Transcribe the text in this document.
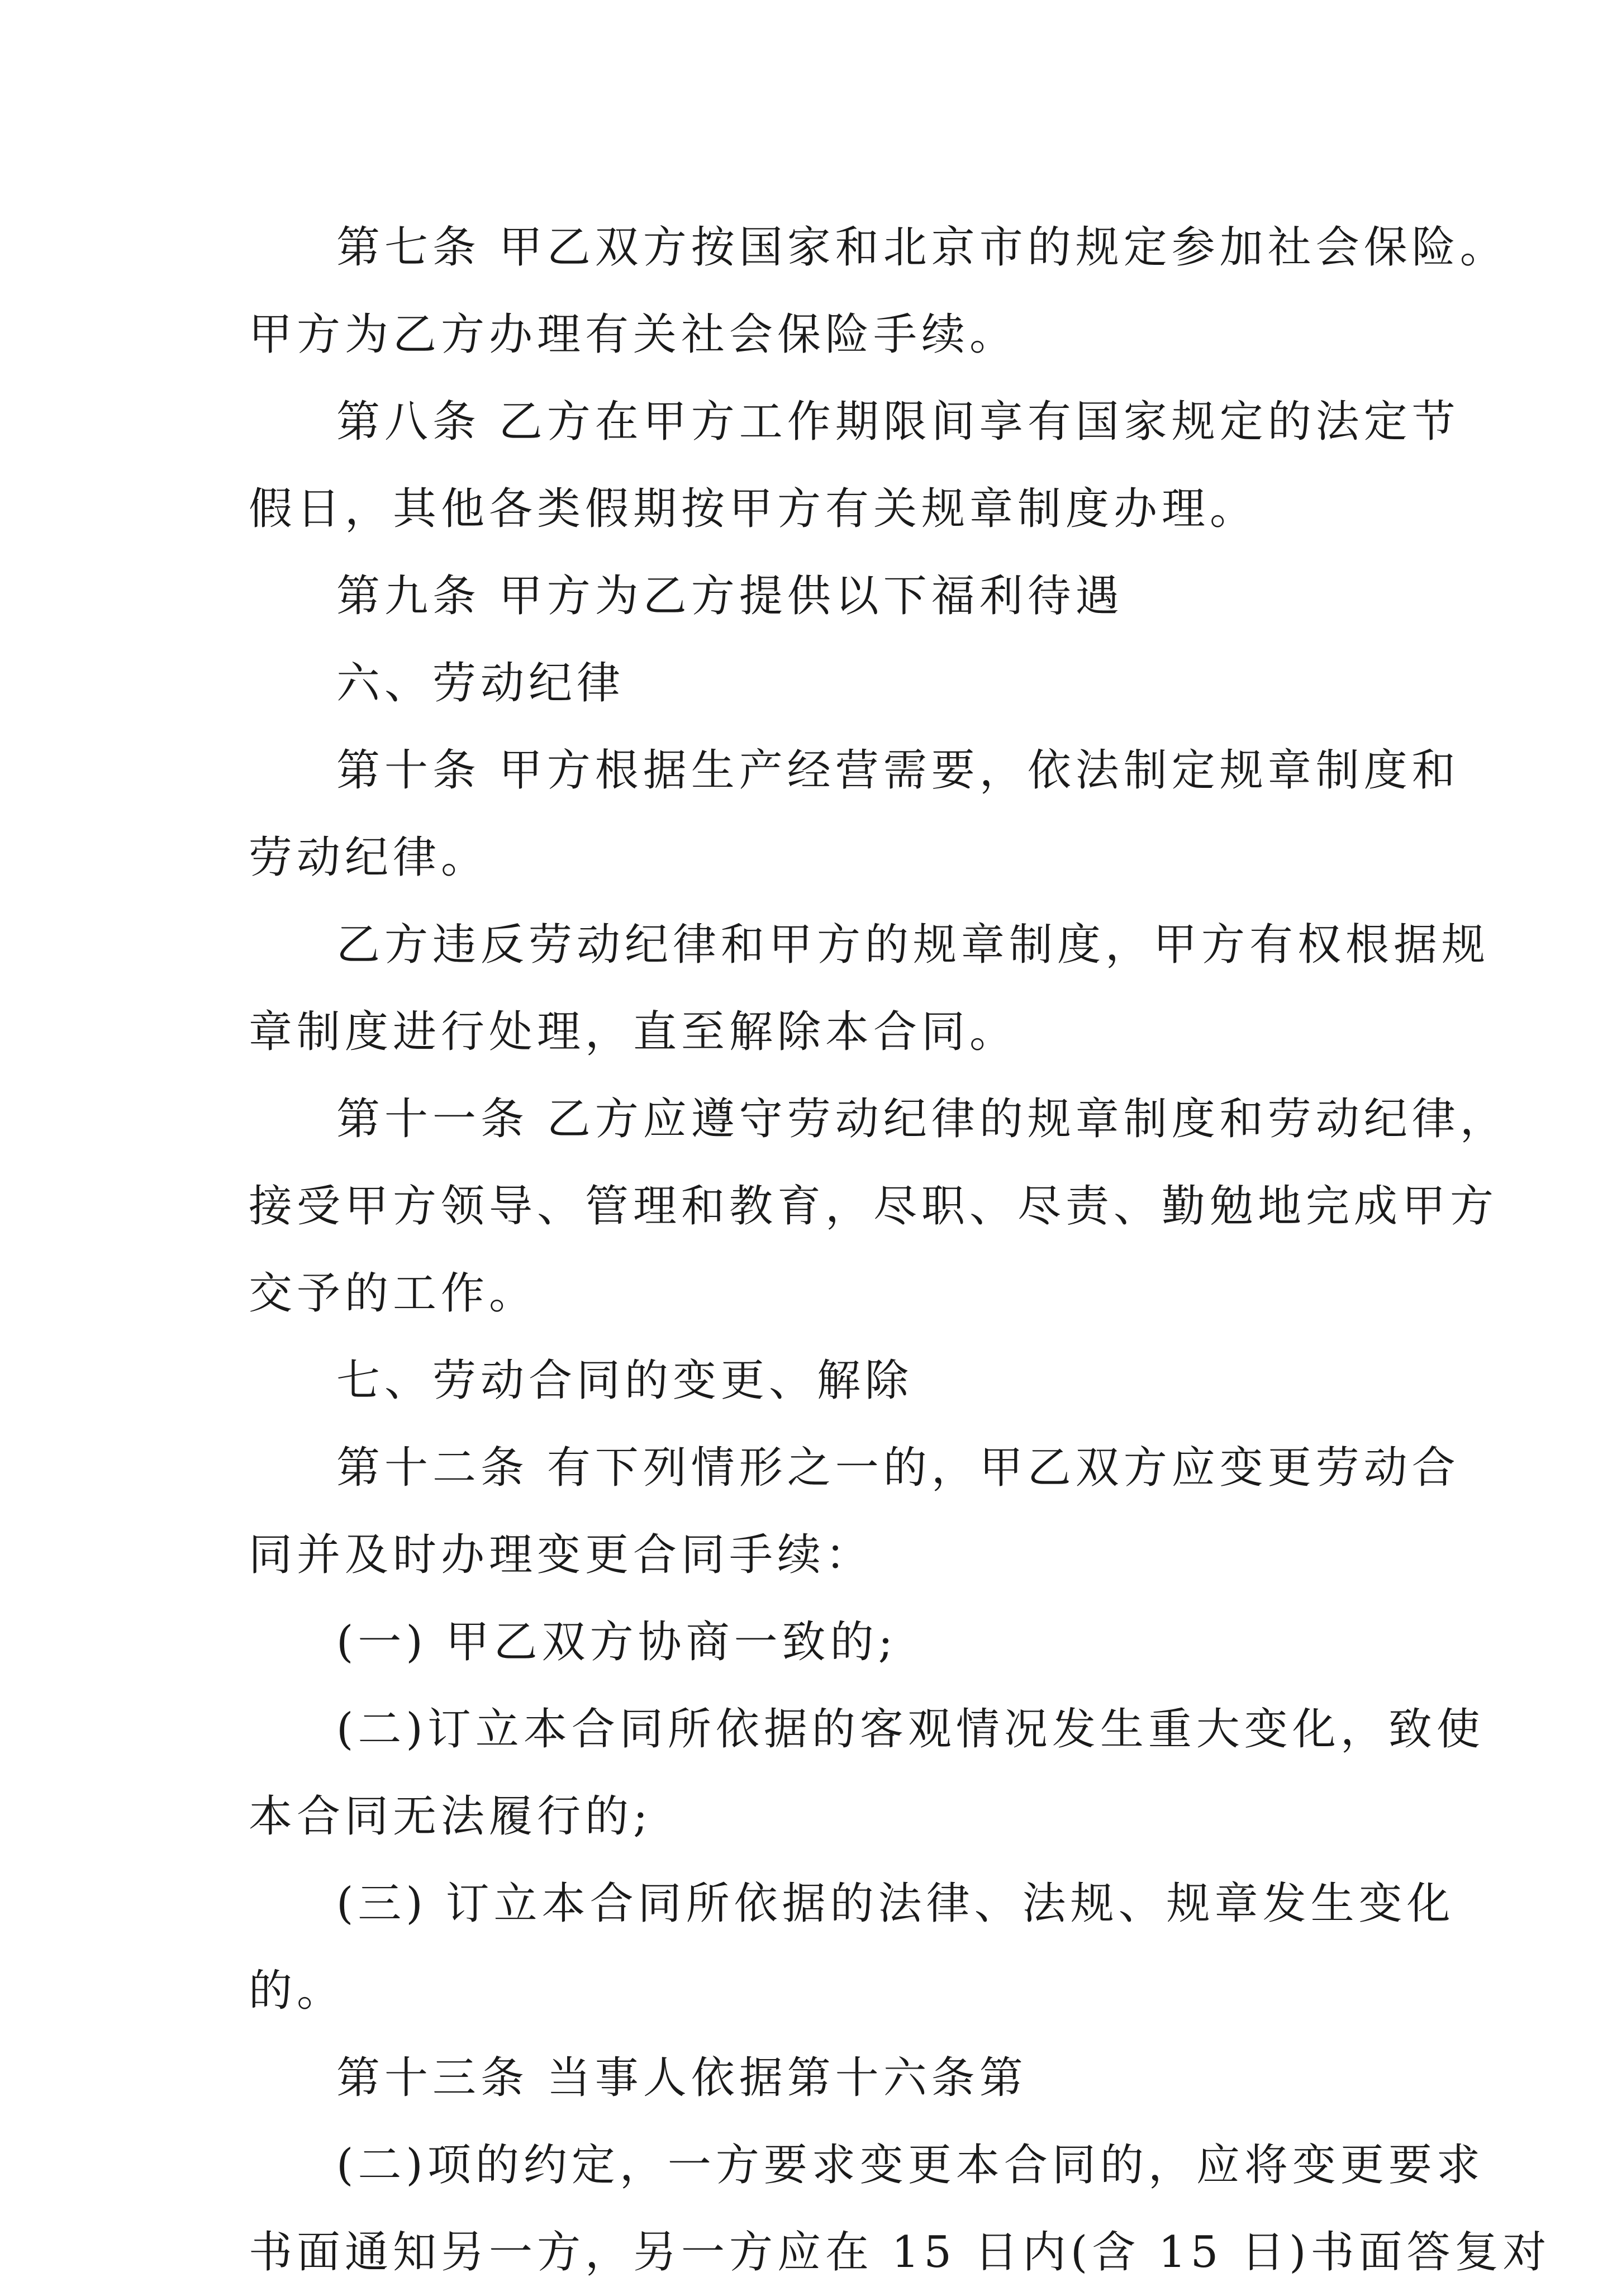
第七条 甲乙双方按国家和北京市的规定参加社会保险。
甲方为乙方办理有关社会保险手续。
第八条 乙方在甲方工作期限间享有国家规定的法定节
假日，其他各类假期按甲方有关规章制度办理。
第九条 甲方为乙方提供以下福利待遇
六、劳动纪律
第十条 甲方根据生产经营需要，依法制定规章制度和
劳动纪律。
乙方违反劳动纪律和甲方的规章制度，甲方有权根据规
章制度进行处理，直至解除本合同。
第十一条 乙方应遵守劳动纪律的规章制度和劳动纪律，
接受甲方领导、管理和教育，尽职、尽责、勤勉地完成甲方
交予的工作。
七、劳动合同的变更、解除
第十二条 有下列情形之一的，甲乙双方应变更劳动合
同并及时办理变更合同手续：
(一) 甲乙双方协商一致的;
(二)订立本合同所依据的客观情况发生重大变化，致使
本合同无法履行的;
(三) 订立本合同所依据的法律、法规、规章发生变化
的。
第十三条 当事人依据第十六条第
(二)项的约定，一方要求变更本合同的，应将变更要求
书面通知另一方，另一方应在 15 日内(含 15 日)书面答复对
